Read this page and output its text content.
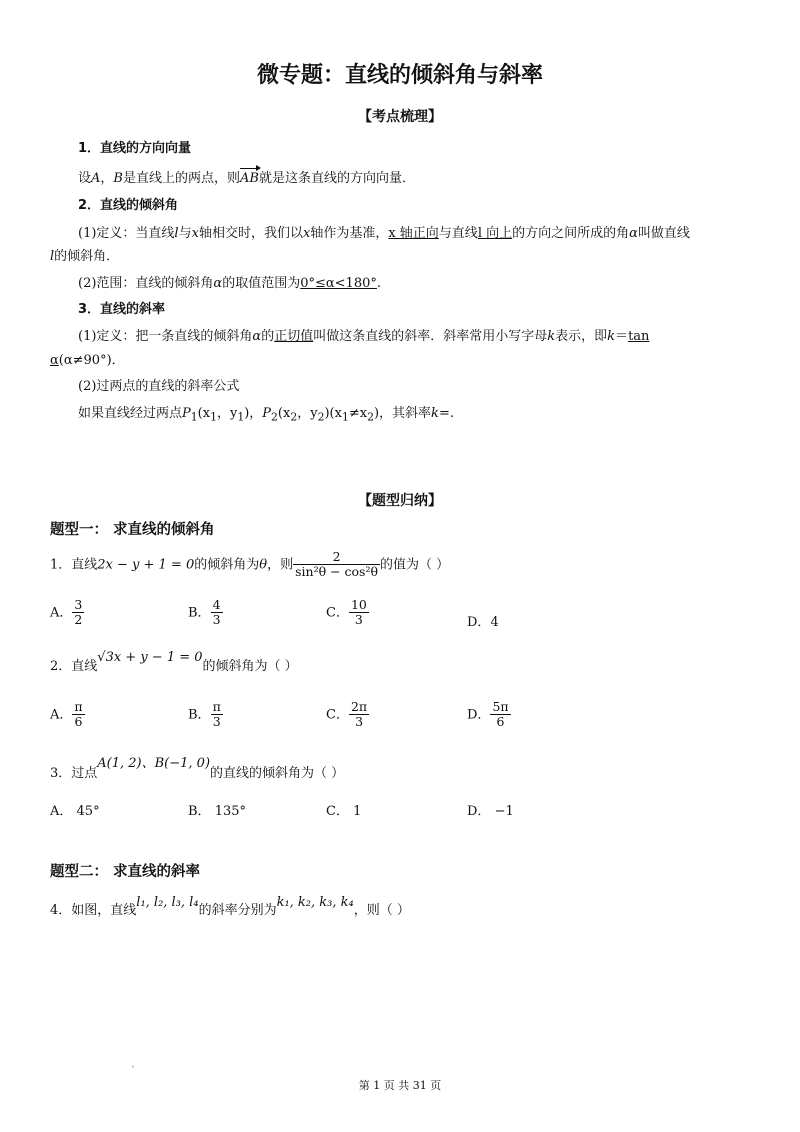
微专题：直线的倾斜角与斜率
【考点梳理】
1．直线的方向向量
设A，B是直线上的两点，则AB就是这条直线的方向向量．
2．直线的倾斜角
(1)定义：当直线l与x轴相交时，我们以x轴作为基准，x 轴正向与直线l 向上的方向之间所成的角α叫做直线
l的倾斜角．
(2)范围：直线的倾斜角α的取值范围为0°≤α<180°.
3．直线的斜率
(1)定义：把一条直线的倾斜角α的正切值叫做这条直线的斜率．斜率常用小写字母k表示，即k＝tan
α(α≠90°)．
(2)过两点的直线的斜率公式
如果直线经过两点$P_1(x_1$，$y_1$)，$P_2(x_2$，$y_2)(x_1\ne x_2)$，其斜率k=.
【题型归纳】
题型一： 求直线的倾斜角
1．直线2x − y + 1 = 0的倾斜角为θ，则 $\frac{2}{\text{sin²θ − cos²θ}}$ 的值为（ ）
A． $\frac{3}{2}$	B． $\frac{4}{3}$	C． $\frac{10}{3}$	D．4
2．直线√3x + y − 1 = 0的倾斜角为（ ）
A． $\frac{\pi}{6}$	B． $\frac{\pi}{3}$	C． $\frac{2\pi}{3}$	D． $\frac{5\pi}{6}$
3．过点A(1, 2)、B(−1, 0)的直线的倾斜角为（ ）
A． 45°	B． 135°	C． 1	D． −1
题型二： 求直线的斜率
4．如图，直线l₁, l₂, l₃, l₄的斜率分别为k₁, k₂, k₃, k₄，则（ ）
'
第 1 页 共 31 页
